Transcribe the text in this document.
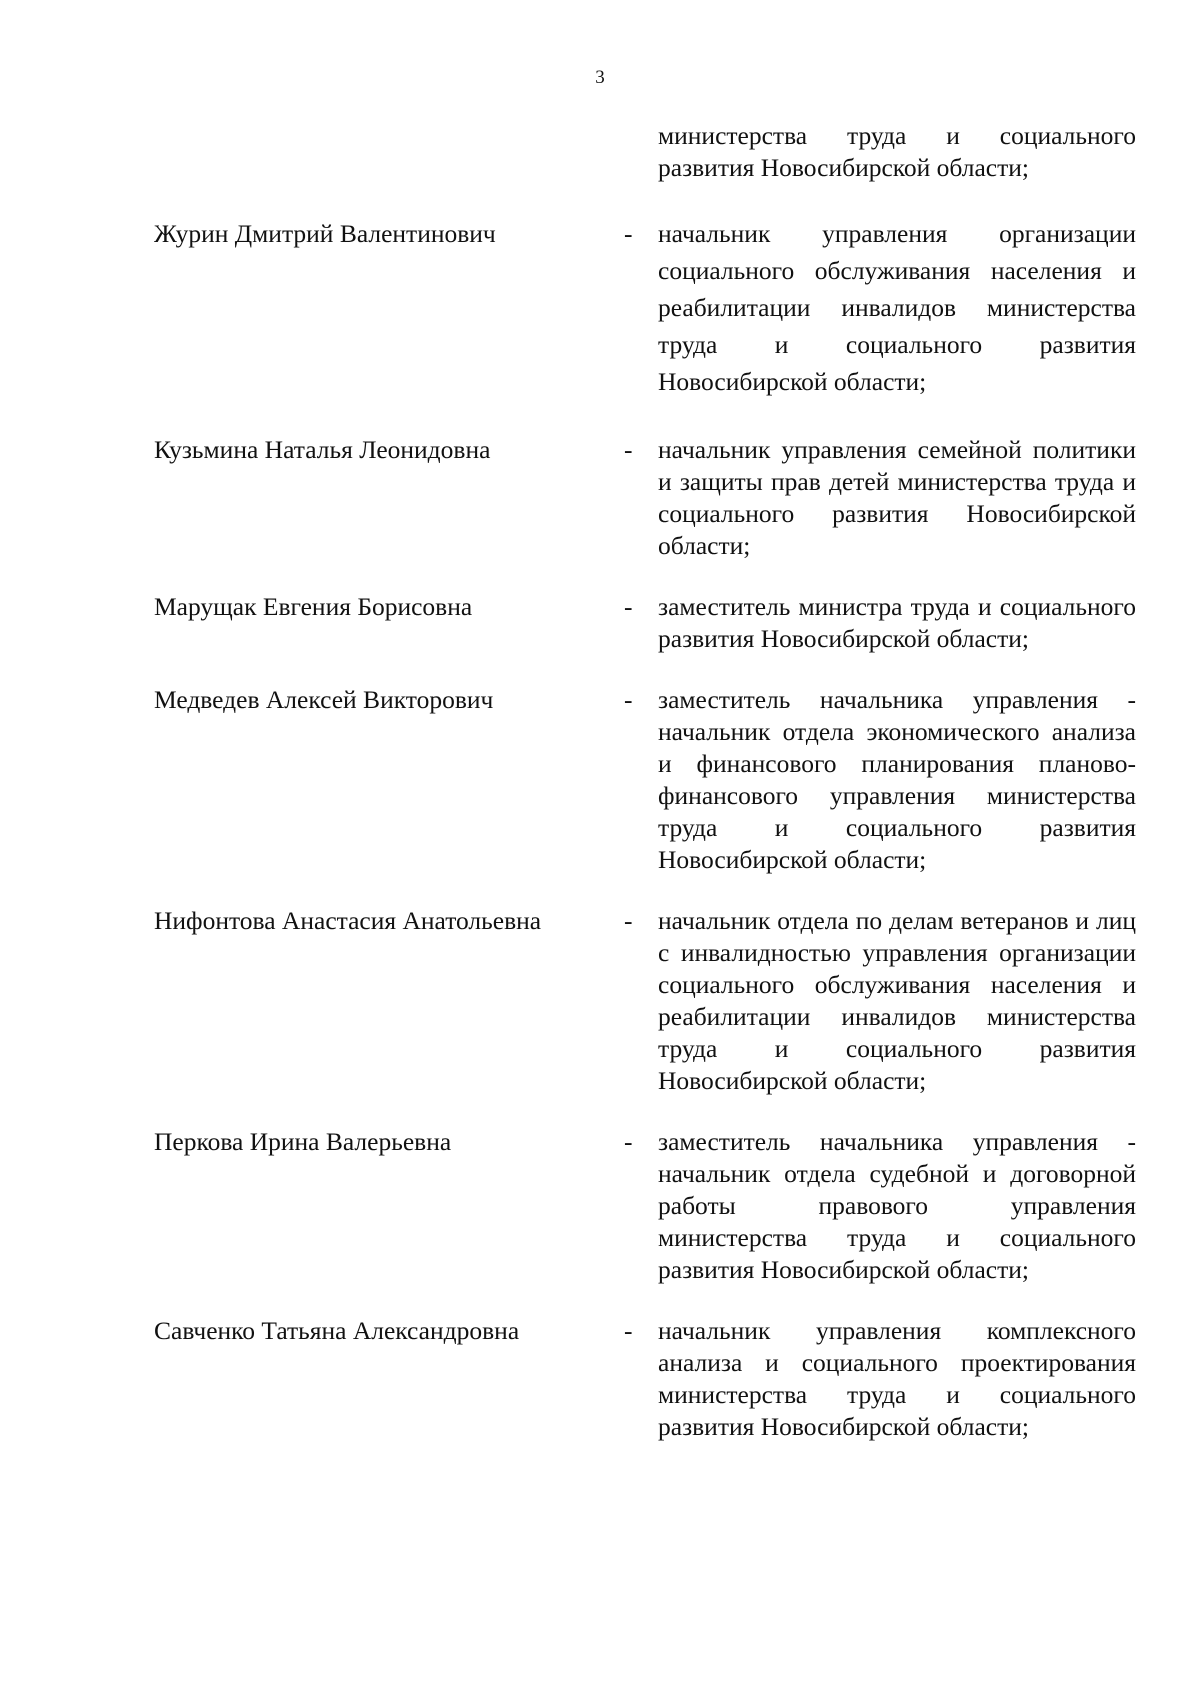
3
министерства труда и социального развития Новосибирской области;
Журин Дмитрий Валентинович	- начальник управления организации социального обслуживания населения и реабилитации инвалидов министерства труда и социального развития Новосибирской области;
Кузьмина Наталья Леонидовна	- начальник управления семейной политики и защиты прав детей министерства труда и социального развития Новосибирской области;
Марущак Евгения Борисовна	- заместитель министра труда и социального развития Новосибирской области;
Медведев Алексей Викторович	- заместитель начальника управления - начальник отдела экономического анализа и финансового планирования планово-финансового управления министерства труда и социального развития Новосибирской области;
Нифонтова Анастасия Анатольевна	- начальник отдела по делам ветеранов и лиц с инвалидностью управления организации социального обслуживания населения и реабилитации инвалидов министерства труда и социального развития Новосибирской области;
Перкова Ирина Валерьевна	- заместитель начальника управления - начальник отдела судебной и договорной работы правового управления министерства труда и социального развития Новосибирской области;
Савченко Татьяна Александровна	- начальник управления комплексного анализа и социального проектирования министерства труда и социального развития Новосибирской области;
